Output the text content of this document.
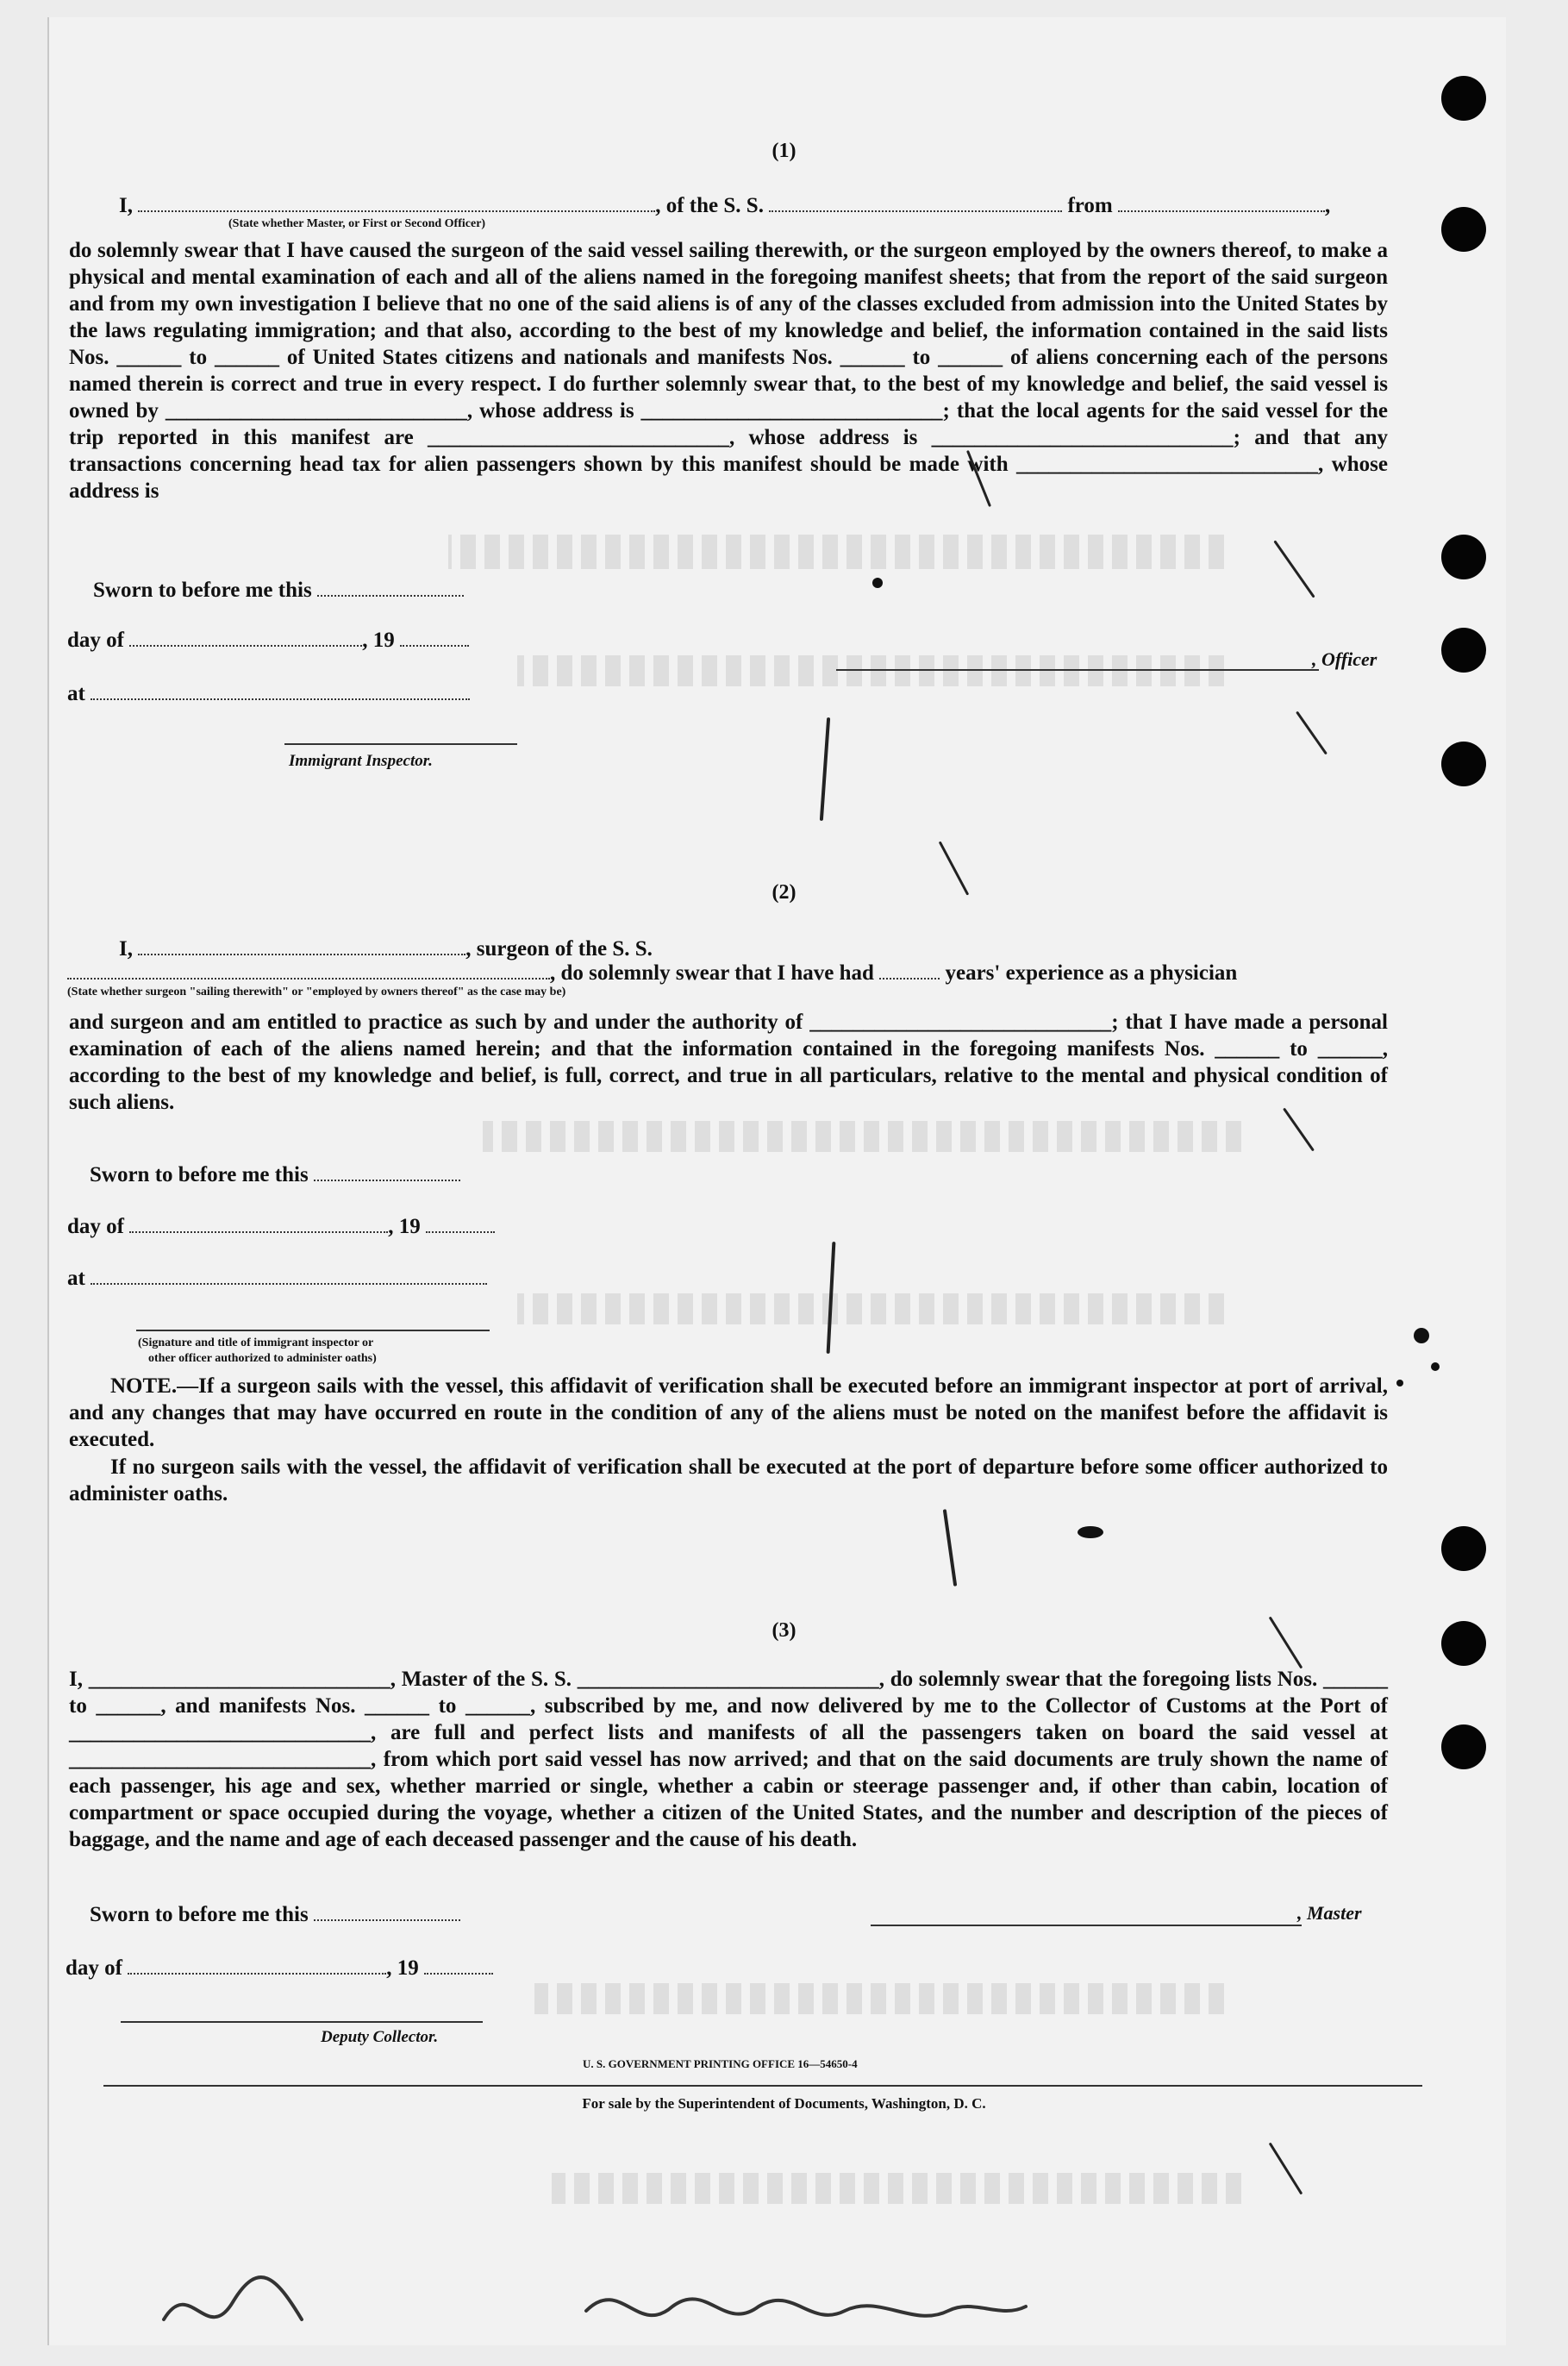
(1)
I,	, of the S. S.	from	,
(State whether Master, or First or Second Officer)

do solemnly swear that I have caused the surgeon of the said vessel sailing therewith, or the surgeon employed by the owners thereof, to make a physical and mental examination of each and all of the aliens named in the foregoing manifest sheets; that from the report of the said surgeon and from my own investigation I believe that no one of the said aliens is of any of the classes excluded from admission into the United States by the laws regulating immigration; and that also, according to the best of my knowledge and belief, the information contained in the said lists Nos. ______ to ______ of United States citizens and nationals and manifests Nos. ______ to ______ of aliens concerning each of the persons named therein is correct and true in every respect. I do further solemnly swear that, to the best of my knowledge and belief, the said vessel is owned by ____________________________, whose address is ____________________________; that the local agents for the said vessel for the trip reported in this manifest are ____________________________, whose address is ____________________________; and that any transactions concerning head tax for alien passengers shown by this manifest should be made with ____________________________, whose address is

Sworn to before me this
day of	, 19
at
, Officer
Immigrant Inspector.
(2)
I,	, surgeon of the S. S.
, do solemnly swear that I have had	years' experience as a physician
(State whether surgeon "sailing therewith" or "employed by owners thereof" as the case may be)

and surgeon and am entitled to practice as such by and under the authority of ____________________________; that I have made a personal examination of each of the aliens named herein; and that the information contained in the foregoing manifests Nos. ______ to ______, according to the best of my knowledge and belief, is full, correct, and true in all particulars, relative to the mental and physical condition of such aliens.

Sworn to before me this
day of	, 19
at
(Signature and title of immigrant inspector or
other officer authorized to administer oaths)

NOTE.—If a surgeon sails with the vessel, this affidavit of verification shall be executed before an immigrant inspector at port of arrival, and any changes that may have occurred en route in the condition of any of the aliens must be noted on the manifest before the affidavit is executed.

If no surgeon sails with the vessel, the affidavit of verification shall be executed at the port of departure before some officer authorized to administer oaths.

(3)

I, ____________________________, Master of the S. S. ____________________________, do solemnly swear that the foregoing lists Nos. ______ to ______, and manifests Nos. ______ to ______, subscribed by me, and now delivered by me to the Collector of Customs at the Port of ____________________________, are full and perfect lists and manifests of all the passengers taken on board the said vessel at ____________________________, from which port said vessel has now arrived; and that on the said documents are truly shown the name of each passenger, his age and sex, whether married or single, whether a cabin or steerage passenger and, if other than cabin, location of compartment or space occupied during the voyage, whether a citizen of the United States, and the number and description of the pieces of baggage, and the name and age of each deceased passenger and the cause of his death.

Sworn to before me this	, Master
day of	, 19
Deputy Collector.
U. S. GOVERNMENT PRINTING OFFICE 16—54650-4
For sale by the Superintendent of Documents, Washington, D. C.
